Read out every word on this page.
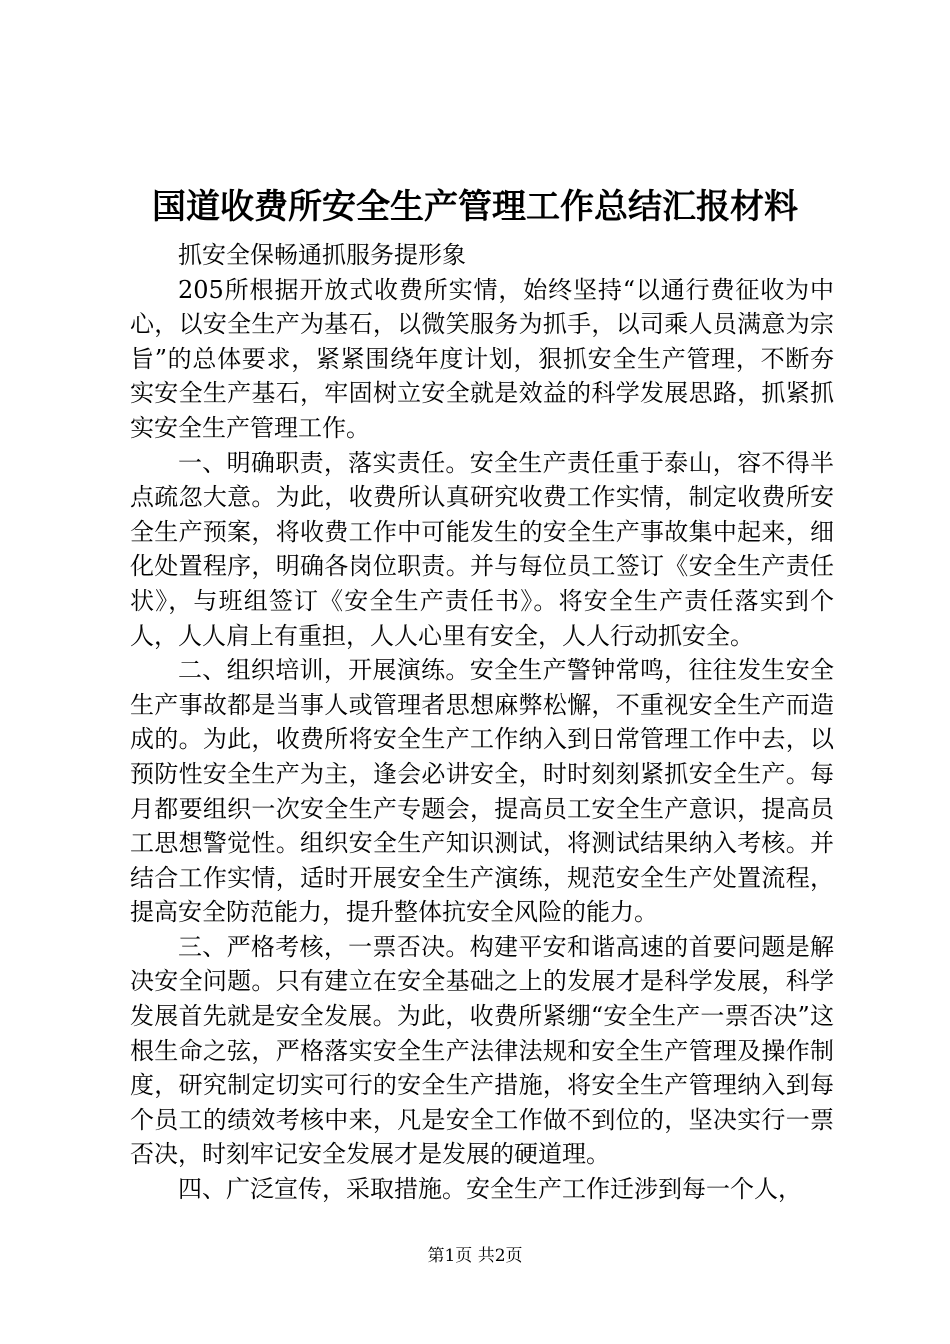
国道收费所安全生产管理工作总结汇报材料

抓安全保畅通抓服务提形象

205所根据开放式收费所实情，始终坚持“以通行费征收为中心，以安全生产为基石，以微笑服务为抓手，以司乘人员满意为宗旨”的总体要求，紧紧围绕年度计划，狠抓安全生产管理，不断夯实安全生产基石，牢固树立安全就是效益的科学发展思路，抓紧抓实安全生产管理工作。

一、明确职责，落实责任。安全生产责任重于泰山，容不得半点疏忽大意。为此，收费所认真研究收费工作实情，制定收费所安全生产预案，将收费工作中可能发生的安全生产事故集中起来，细化处置程序，明确各岗位职责。并与每位员工签订《安全生产责任状》，与班组签订《安全生产责任书》。将安全生产责任落实到个人，人人肩上有重担，人人心里有安全，人人行动抓安全。

二、组织培训，开展演练。安全生产警钟常鸣，往往发生安全生产事故都是当事人或管理者思想麻弊松懈，不重视安全生产而造成的。为此，收费所将安全生产工作纳入到日常管理工作中去，以预防性安全生产为主，逢会必讲安全，时时刻刻紧抓安全生产。每月都要组织一次安全生产专题会，提高员工安全生产意识，提高员工思想警觉性。组织安全生产知识测试，将测试结果纳入考核。并结合工作实情，适时开展安全生产演练，规范安全生产处置流程，提高安全防范能力，提升整体抗安全风险的能力。

三、严格考核，一票否决。构建平安和谐高速的首要问题是解决安全问题。只有建立在安全基础之上的发展才是科学发展，科学发展首先就是安全发展。为此，收费所紧绷“安全生产一票否决”这根生命之弦，严格落实安全生产法律法规和安全生产管理及操作制度，研究制定切实可行的安全生产措施，将安全生产管理纳入到每个员工的绩效考核中来，凡是安全工作做不到位的，坚决实行一票否决，时刻牢记安全发展才是发展的硬道理。

四、广泛宣传，采取措施。安全生产工作迁涉到每一个人，

第1页 共2页
